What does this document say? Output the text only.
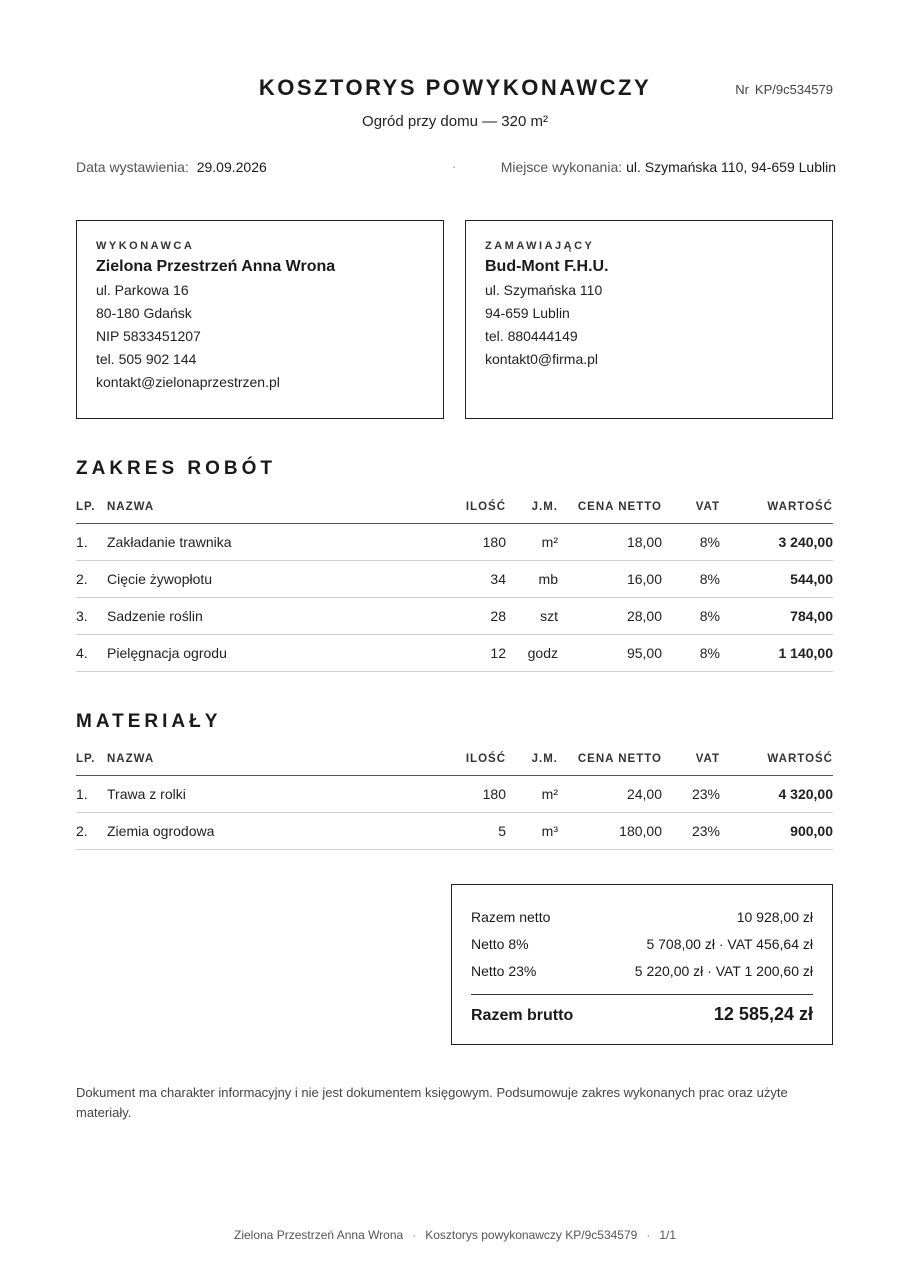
KOSZTORYS POWYKONAWCZY	Nr KP/9c534579
Ogród przy domu — 320 m²
Data wystawienia: 29.09.2026	·	Miejsce wykonania: ul. Szymańska 110, 94-659 Lublin
WYKONAWCA
Zielona Przestrzeń Anna Wrona
ul. Parkowa 16
80-180 Gdańsk
NIP 5833451207
tel. 505 902 144
kontakt@zielonaprzestrzen.pl
ZAMAWIAJĄCY
Bud-Mont F.H.U.
ul. Szymańska 110
94-659 Lublin
tel. 880444149
kontakt0@firma.pl
ZAKRES ROBÓT
LP.	NAZWA	ILOŚĆ	J.M.	CENA NETTO	VAT	WARTOŚĆ
1.	Zakładanie trawnika	180	m²	18,00	8%	3 240,00
2.	Cięcie żywopłotu	34	mb	16,00	8%	544,00
3.	Sadzenie roślin	28	szt	28,00	8%	784,00
4.	Pielęgnacja ogrodu	12	godz	95,00	8%	1 140,00
MATERIAŁY
LP.	NAZWA	ILOŚĆ	J.M.	CENA NETTO	VAT	WARTOŚĆ
1.	Trawa z rolki	180	m²	24,00	23%	4 320,00
2.	Ziemia ogrodowa	5	m³	180,00	23%	900,00
Razem netto	10 928,00 zł
Netto 8%	5 708,00 zł · VAT 456,64 zł
Netto 23%	5 220,00 zł · VAT 1 200,60 zł
Razem brutto	12 585,24 zł
Dokument ma charakter informacyjny i nie jest dokumentem księgowym. Podsumowuje zakres wykonanych prac oraz użyte materiały.
Zielona Przestrzeń Anna Wrona · Kosztorys powykonawczy KP/9c534579 · 1/1
